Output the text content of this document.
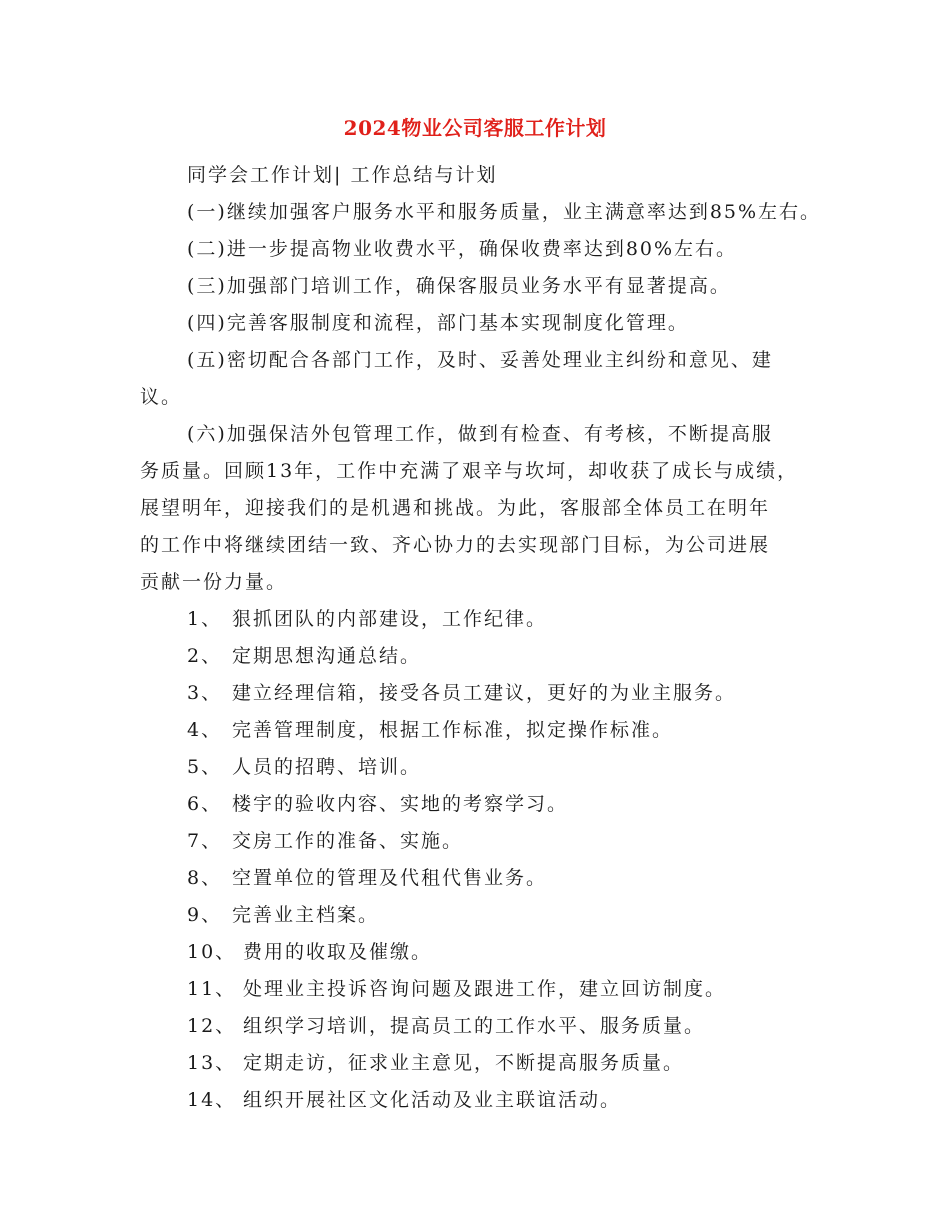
2024物业公司客服工作计划
同学会工作计划| 工作总结与计划
(一)继续加强客户服务水平和服务质量，业主满意率达到85%左右。
(二)进一步提高物业收费水平，确保收费率达到80%左右。
(三)加强部门培训工作，确保客服员业务水平有显著提高。
(四)完善客服制度和流程，部门基本实现制度化管理。
(五)密切配合各部门工作，及时、妥善处理业主纠纷和意见、建
议。
(六)加强保洁外包管理工作，做到有检查、有考核，不断提高服
务质量。回顾13年，工作中充满了艰辛与坎坷，却收获了成长与成绩，
展望明年，迎接我们的是机遇和挑战。为此，客服部全体员工在明年
的工作中将继续团结一致、齐心协力的去实现部门目标，为公司进展
贡献一份力量。
1、 狠抓团队的内部建设，工作纪律。
2、 定期思想沟通总结。
3、 建立经理信箱，接受各员工建议，更好的为业主服务。
4、 完善管理制度，根据工作标准，拟定操作标准。
5、 人员的招聘、培训。
6、 楼宇的验收内容、实地的考察学习。
7、 交房工作的准备、实施。
8、 空置单位的管理及代租代售业务。
9、 完善业主档案。
10、 费用的收取及催缴。
11、 处理业主投诉咨询问题及跟进工作，建立回访制度。
12、 组织学习培训，提高员工的工作水平、服务质量。
13、 定期走访，征求业主意见，不断提高服务质量。
14、 组织开展社区文化活动及业主联谊活动。
